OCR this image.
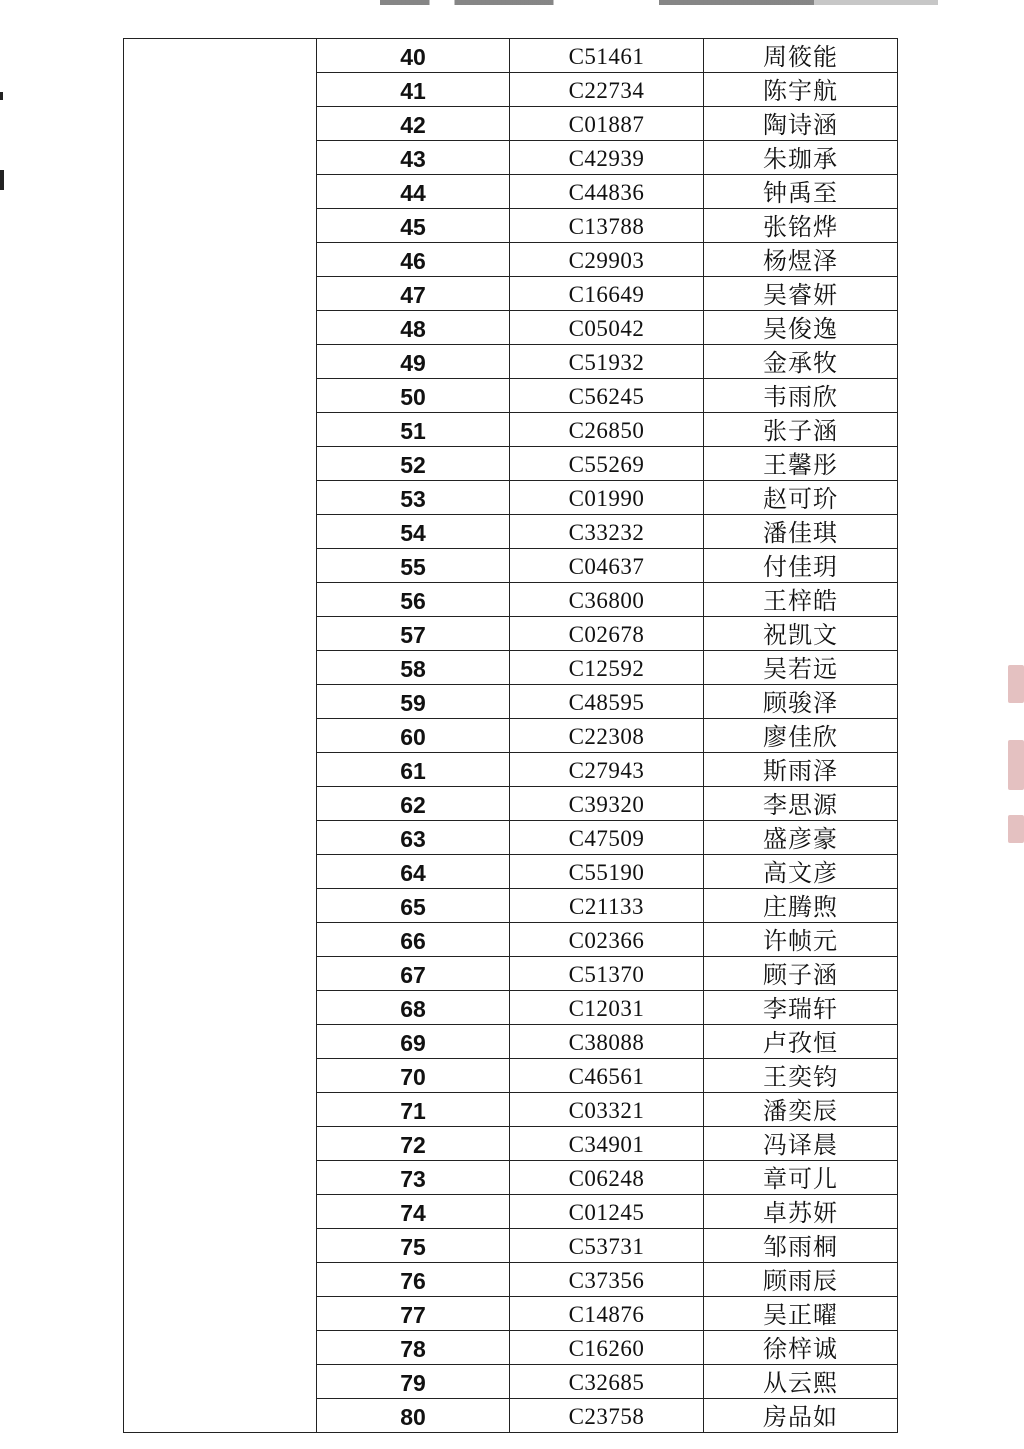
	40	C51461	周筱能
	41	C22734	陈宇航
	42	C01887	陶诗涵
	43	C42939	朱珈承
	44	C44836	钟禹至
	45	C13788	张铭烨
	46	C29903	杨煜泽
	47	C16649	吴睿妍
	48	C05042	吴俊逸
	49	C51932	金承牧
	50	C56245	韦雨欣
	51	C26850	张子涵
	52	C55269	王馨彤
	53	C01990	赵可玠
	54	C33232	潘佳琪
	55	C04637	付佳玥
	56	C36800	王梓皓
	57	C02678	祝凯文
	58	C12592	吴若远
	59	C48595	顾骏泽
	60	C22308	廖佳欣
	61	C27943	斯雨泽
	62	C39320	李思源
	63	C47509	盛彦豪
	64	C55190	高文彦
	65	C21133	庄腾煦
	66	C02366	许帧元
	67	C51370	顾子涵
	68	C12031	李瑞轩
	69	C38088	卢孜恒
	70	C46561	王奕钧
	71	C03321	潘奕辰
	72	C34901	冯译晨
	73	C06248	章可儿
	74	C01245	卓苏妍
	75	C53731	邹雨桐
	76	C37356	顾雨辰
	77	C14876	吴正曜
	78	C16260	徐梓诚
	79	C32685	从云熙
	80	C23758	房品如
